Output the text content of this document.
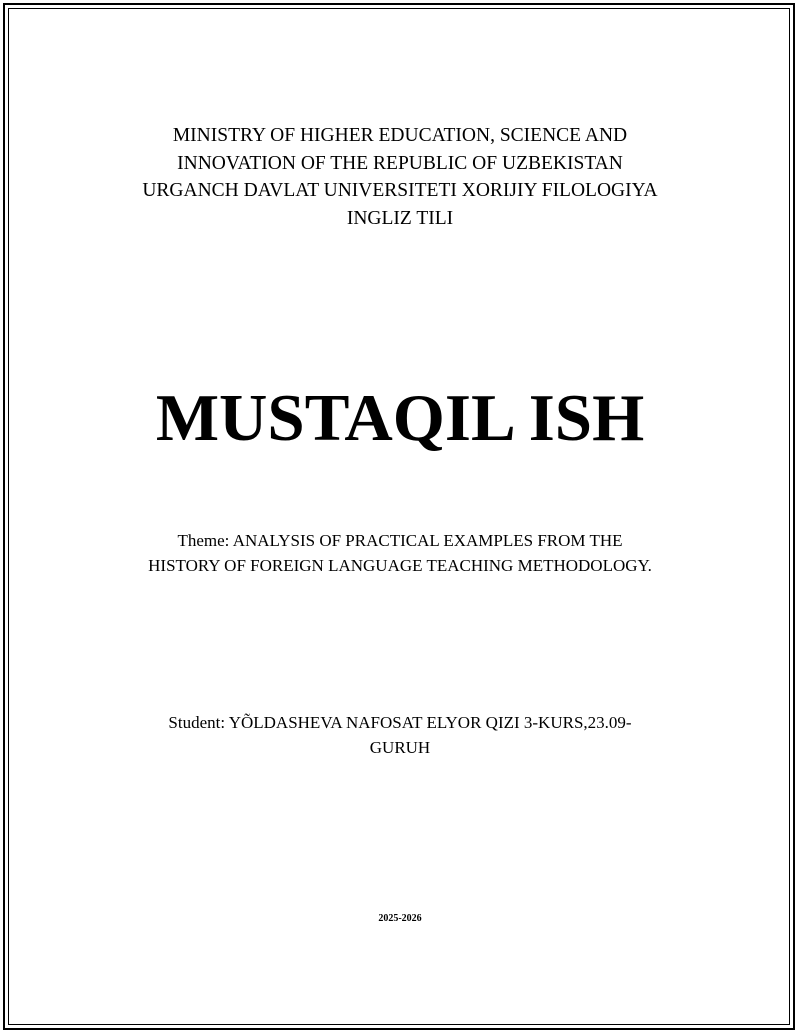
MINISTRY OF HIGHER EDUCATION, SCIENCE AND
INNOVATION OF THE REPUBLIC OF UZBEKISTAN
URGANCH DAVLAT UNIVERSITETI XORIJIY FILOLOGIYA
INGLIZ TILI
MUSTAQIL ISH
Theme: ANALYSIS OF PRACTICAL EXAMPLES FROM THE
HISTORY OF FOREIGN LANGUAGE TEACHING METHODOLOGY.
Student: YÕLDASHEVA NAFOSAT ELYOR QIZI 3-KURS,23.09-
GURUH
2025-2026
